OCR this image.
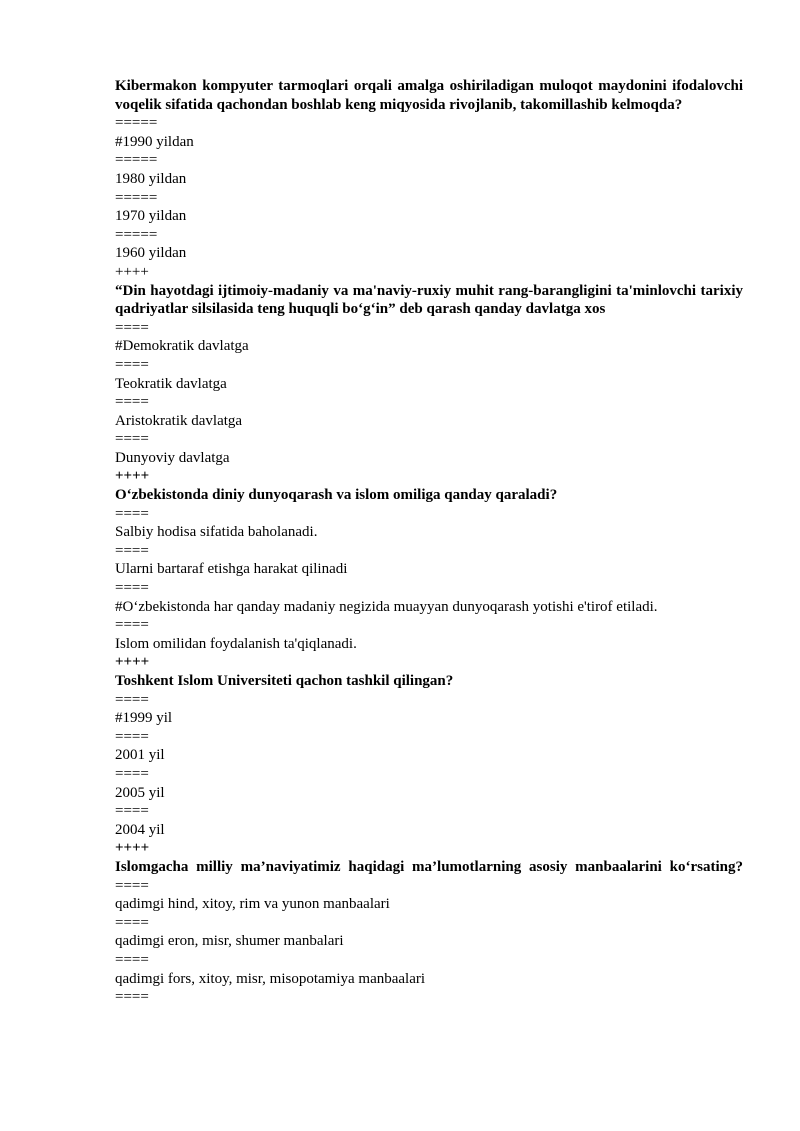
Kibermakon kompyuter tarmoqlari orqali amalga oshiriladigan muloqot maydonini ifodalovchi voqelik sifatida qachondan boshlab keng miqyosida rivojlanib, takomillashib kelmoqda?
=====
#1990 yildan
=====
1980 yildan
=====
1970 yildan
=====
1960 yildan
++++
“Din hayotdagi ijtimoiy-madaniy va ma'naviy-ruxiy muhit rang-barangligini ta'minlovchi tarixiy qadriyatlar silsilasida teng huquqli bo‘g‘in” deb qarash qanday davlatga xos
====
#Demokratik davlatga
====
Teokratik davlatga
====
Aristokratik davlatga
====
Dunyoviy davlatga
++++
O‘zbekistonda diniy dunyoqarash va islom omiliga qanday qaraladi?
====
Salbiy hodisa sifatida baholanadi.
====
Ularni bartaraf etishga harakat qilinadi
====
#O‘zbekistonda har qanday madaniy negizida muayyan dunyoqarash yotishi e'tirof etiladi.
====
Islom omilidan foydalanish ta'qiqlanadi.
++++
Toshkent Islom Universiteti qachon tashkil qilingan?
====
#1999 yil
====
2001 yil
====
2005 yil
====
2004 yil
++++
Islomgacha milliy ma’naviyatimiz haqidagi ma’lumotlarning asosiy manbaalarini ko‘rsating?
====
qadimgi hind, xitoy, rim va yunon manbaalari
====
qadimgi eron, misr, shumer manbalari
====
qadimgi fors, xitoy, misr, misopotamiya manbaalari
====
